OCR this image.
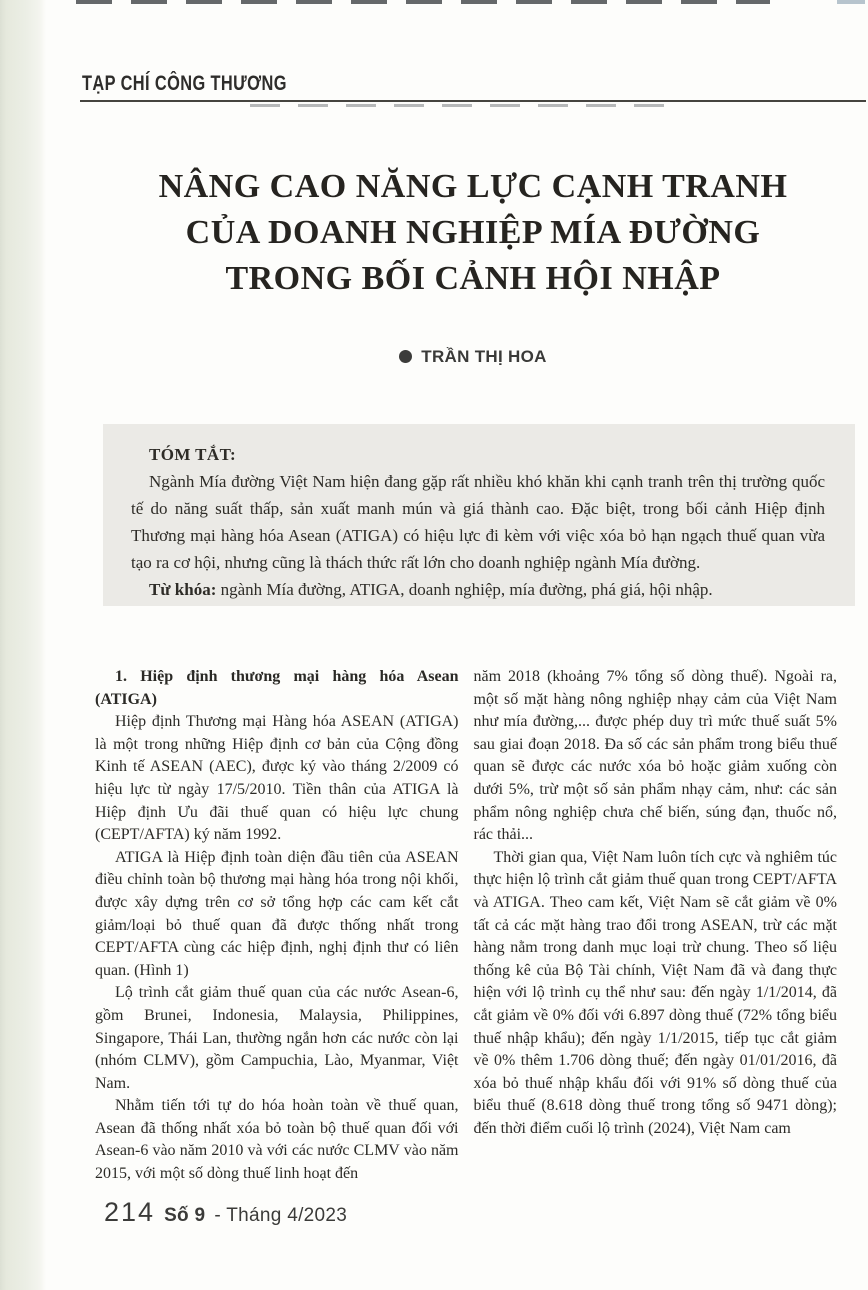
TẠP CHÍ CÔNG THƯƠNG
NÂNG CAO NĂNG LỰC CẠNH TRANH
CỦA DOANH NGHIỆP MÍA ĐƯỜNG
TRONG BỐI CẢNH HỘI NHẬP
TRẦN THỊ HOA
TÓM TẮT:

Ngành Mía đường Việt Nam hiện đang gặp rất nhiều khó khăn khi cạnh tranh trên thị trường quốc tế do năng suất thấp, sản xuất manh mún và giá thành cao. Đặc biệt, trong bối cảnh Hiệp định Thương mại hàng hóa Asean (ATIGA) có hiệu lực đi kèm với việc xóa bỏ hạn ngạch thuế quan vừa tạo ra cơ hội, nhưng cũng là thách thức rất lớn cho doanh nghiệp ngành Mía đường.

Từ khóa: ngành Mía đường, ATIGA, doanh nghiệp, mía đường, phá giá, hội nhập.

1. Hiệp định thương mại hàng hóa Asean (ATIGA)

Hiệp định Thương mại Hàng hóa ASEAN (ATIGA) là một trong những Hiệp định cơ bản của Cộng đồng Kinh tế ASEAN (AEC), được ký vào tháng 2/2009 có hiệu lực từ ngày 17/5/2010. Tiền thân của ATIGA là Hiệp định Ưu đãi thuế quan có hiệu lực chung (CEPT/AFTA) ký năm 1992.

ATIGA là Hiệp định toàn diện đầu tiên của ASEAN điều chỉnh toàn bộ thương mại hàng hóa trong nội khối, được xây dựng trên cơ sở tổng hợp các cam kết cắt giảm/loại bỏ thuế quan đã được thống nhất trong CEPT/AFTA cùng các hiệp định, nghị định thư có liên quan. (Hình 1)

Lộ trình cắt giảm thuế quan của các nước Asean-6, gồm Brunei, Indonesia, Malaysia, Philippines, Singapore, Thái Lan, thường ngắn hơn các nước còn lại (nhóm CLMV), gồm Campuchia, Lào, Myanmar, Việt Nam.

Nhằm tiến tới tự do hóa hoàn toàn về thuế quan, Asean đã thống nhất xóa bỏ toàn bộ thuế quan đối với Asean-6 vào năm 2010 và với các nước CLMV vào năm 2015, với một số dòng thuế linh hoạt đến

năm 2018 (khoảng 7% tổng số dòng thuế). Ngoài ra, một số mặt hàng nông nghiệp nhạy cảm của Việt Nam như mía đường,... được phép duy trì mức thuế suất 5% sau giai đoạn 2018. Đa số các sản phẩm trong biểu thuế quan sẽ được các nước xóa bỏ hoặc giảm xuống còn dưới 5%, trừ một số sản phẩm nhạy cảm, như: các sản phẩm nông nghiệp chưa chế biến, súng đạn, thuốc nổ, rác thải...

Thời gian qua, Việt Nam luôn tích cực và nghiêm túc thực hiện lộ trình cắt giảm thuế quan trong CEPT/AFTA và ATIGA. Theo cam kết, Việt Nam sẽ cắt giảm về 0% tất cả các mặt hàng trao đổi trong ASEAN, trừ các mặt hàng nằm trong danh mục loại trừ chung. Theo số liệu thống kê của Bộ Tài chính, Việt Nam đã và đang thực hiện với lộ trình cụ thể như sau: đến ngày 1/1/2014, đã cắt giảm về 0% đối với 6.897 dòng thuế (72% tổng biểu thuế nhập khẩu); đến ngày 1/1/2015, tiếp tục cắt giảm về 0% thêm 1.706 dòng thuế; đến ngày 01/01/2016, đã xóa bỏ thuế nhập khẩu đối với 91% số dòng thuế của biểu thuế (8.618 dòng thuế trong tổng số 9471 dòng); đến thời điểm cuối lộ trình (2024), Việt Nam cam

214 Số 9 - Tháng 4/2023
